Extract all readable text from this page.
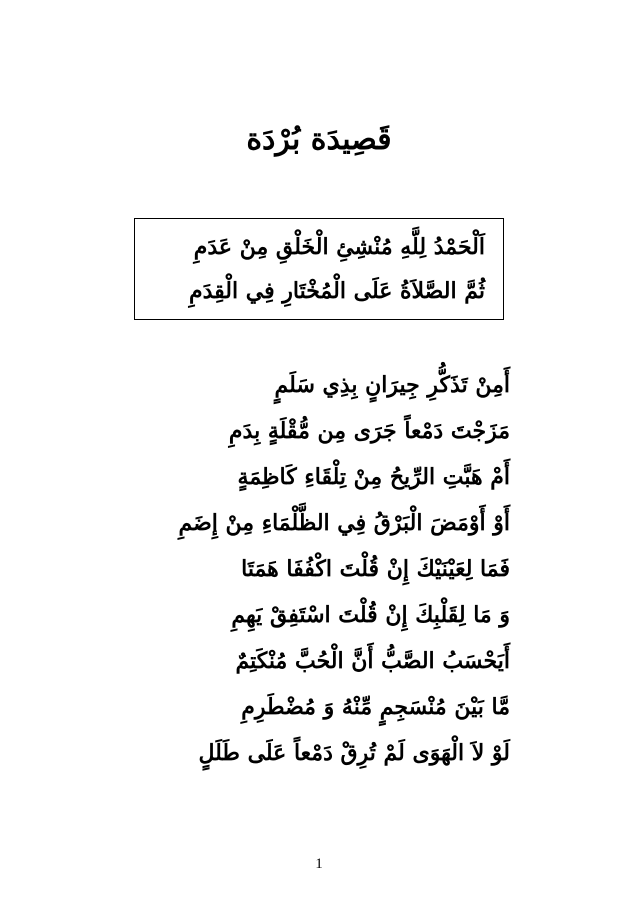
قَصِيدَة بُرْدَة
اَلْحَمْدُ لِلَّهِ مُنْشِئِ الْخَلْقِ مِنْ عَدَمِ
ثُمَّ الصَّلاَةُ عَلَى الْمُخْتَارِ فِي الْقِدَمِ
أَمِنْ تَذَكُّرِ جِيرَانٍ بِذِي سَلَمٍ
مَزَجْتَ دَمْعاً جَرَى مِن مُّقْلَةٍ بِدَمِ
أَمْ هَبَّتِ الرِّيحُ مِنْ تِلْقَاءِ كَاظِمَةٍ
أَوْ أَوْمَضَ الْبَرْقُ فِي الظَّلْمَاءِ مِنْ إِضَمِ
فَمَا لِعَيْنَيْكَ إِنْ قُلْتَ اكْفُفَا هَمَتَا
وَ مَا لِقَلْبِكَ إِنْ قُلْتَ اسْتَفِقْ يَهِمِ
أَيَحْسَبُ الصَّبُّ أَنَّ الْحُبَّ مُنْكَتِمٌ
مَّا بَيْنَ مُنْسَجِمٍ مِّنْهُ وَ مُضْطَرِمِ
لَوْ لاَ الْهَوَى لَمْ تُرِقْ دَمْعاً عَلَى طَلَلٍ
1
